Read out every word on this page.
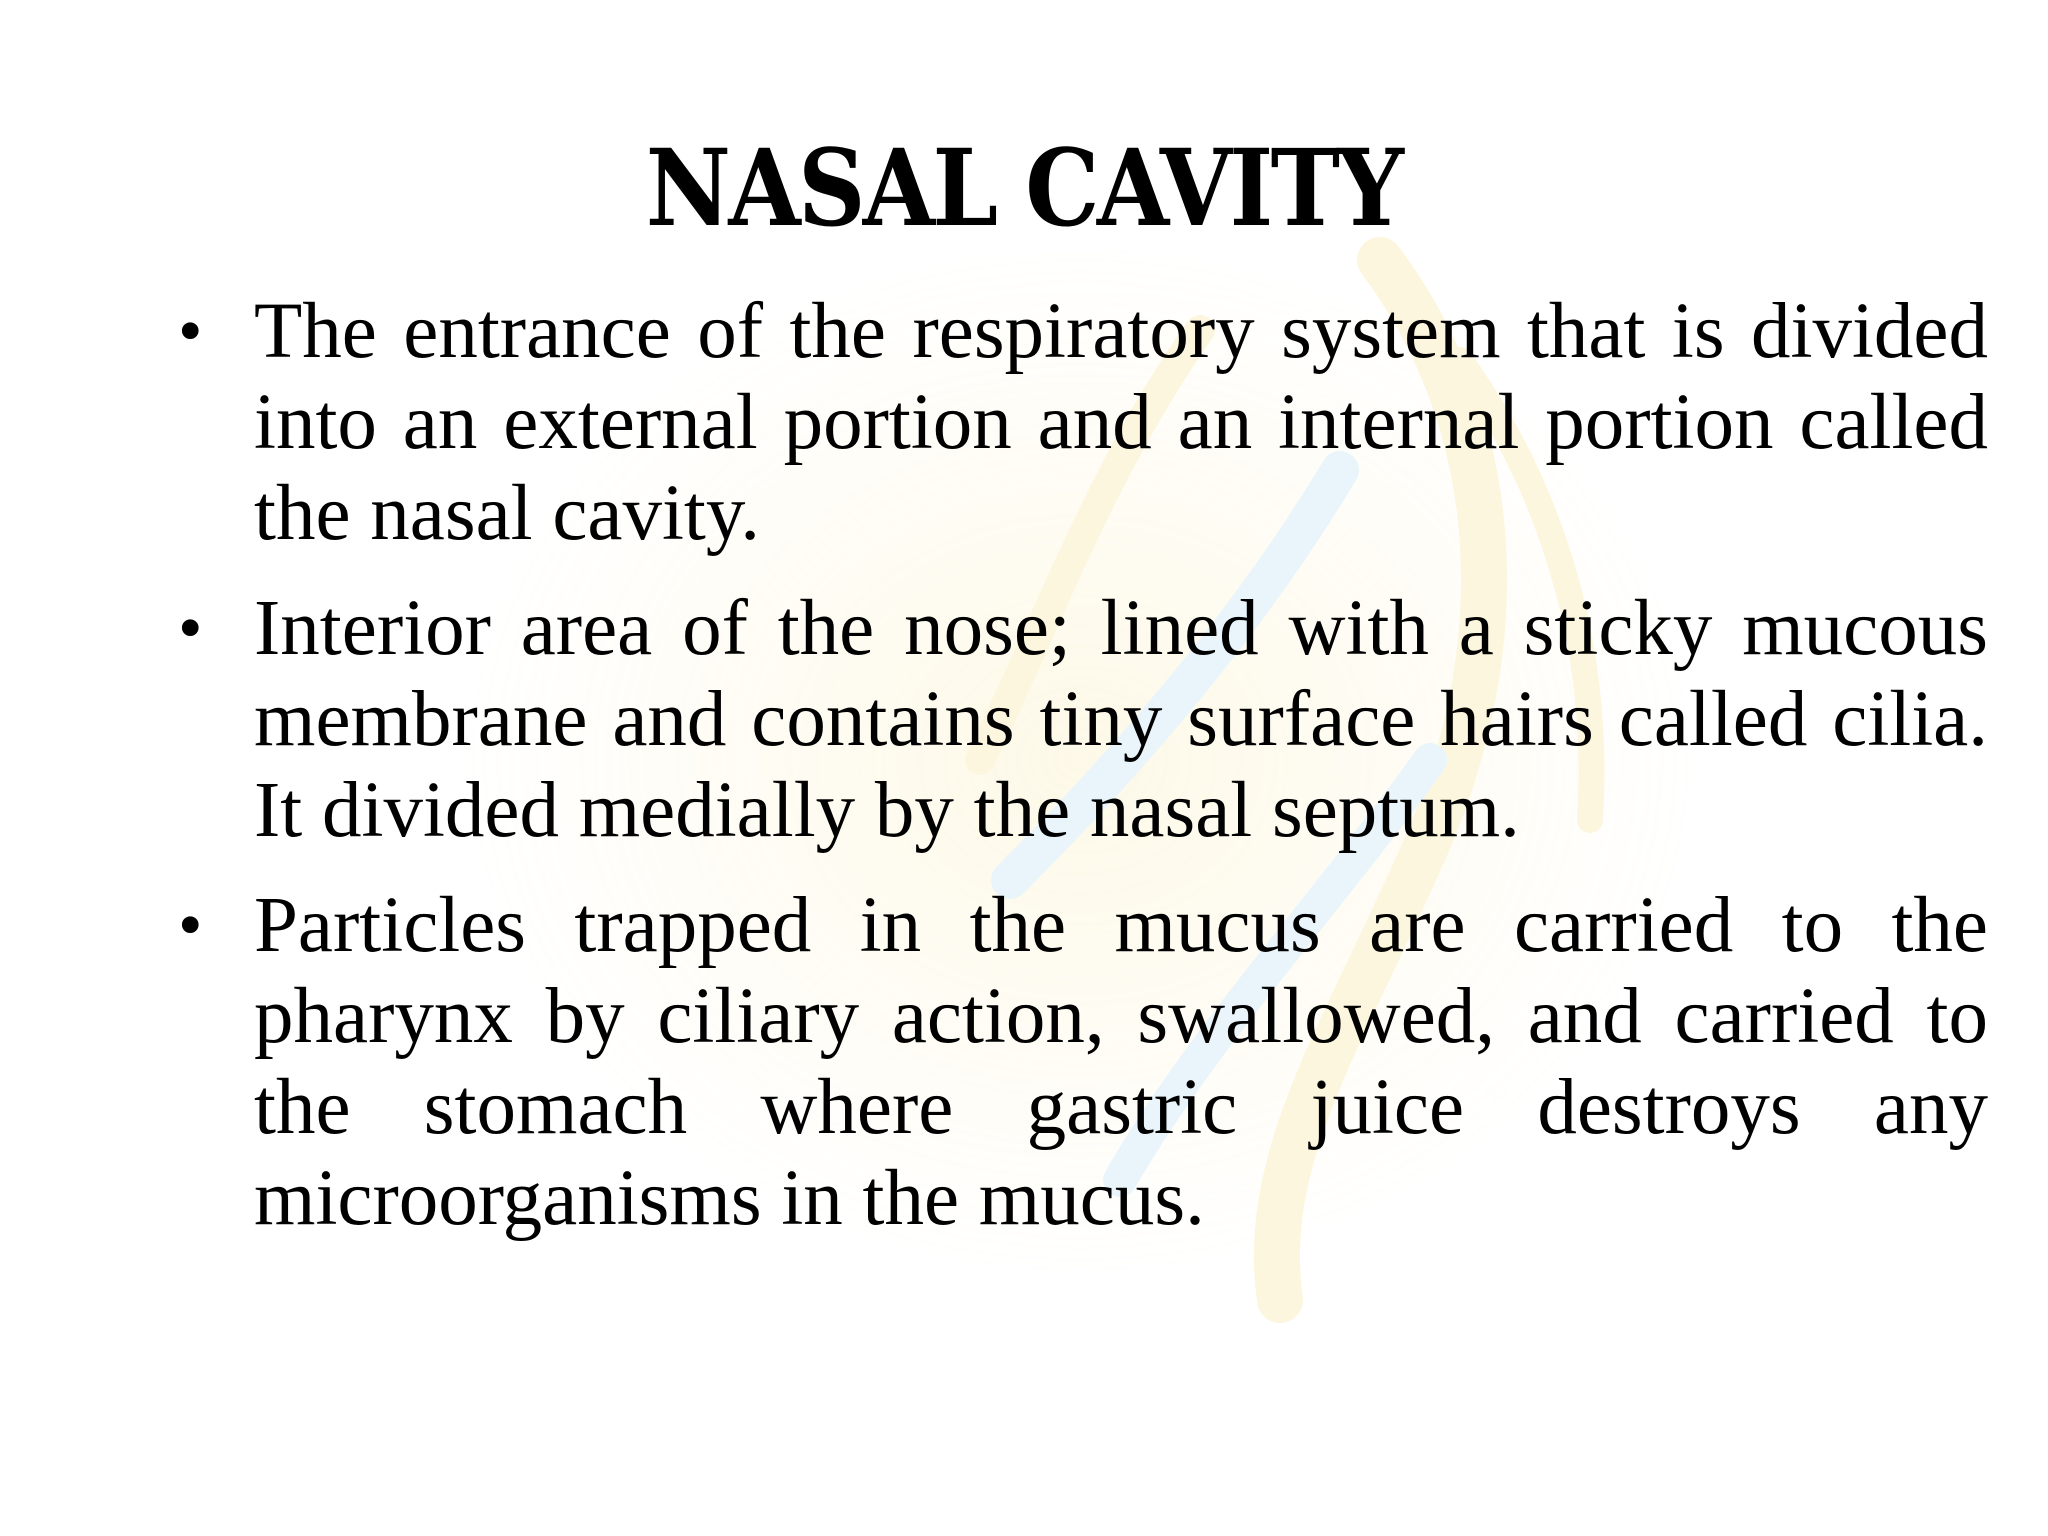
NASAL CAVITY
• The entrance of the respiratory system that is divided into an external portion and an internal portion called the nasal cavity.
• Interior area of the nose; lined with a sticky mucous membrane and contains tiny surface hairs called cilia. It divided medially by the nasal septum.
• Particles trapped in the mucus are carried to the pharynx by ciliary action, swallowed, and carried to the stomach where gastric juice destroys any microorganisms in the mucus.
